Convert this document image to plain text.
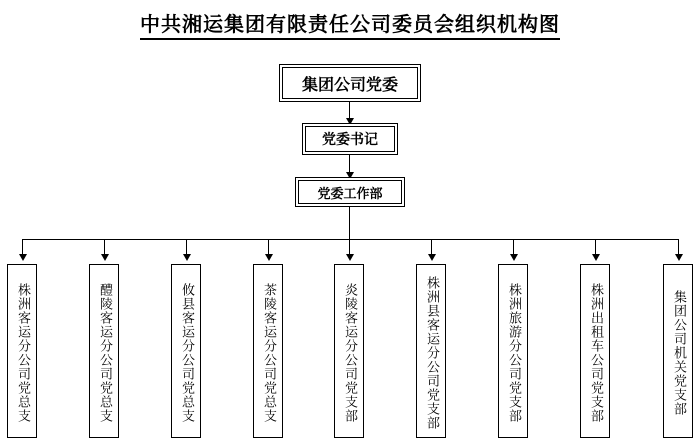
中共湘运集团有限责任公司委员会组织机构图
集团公司党委
党委书记
党委工作部
株洲客运分公司党总支	醴陵客运分公司党总支	攸县客运分公司党总支	茶陵客运分公司党总支	炎陵客运分公司党支部	株洲县客运分公司党支部	株洲旅游分公司党支部	株洲出租车公司党支部	集团公司机关党支部
